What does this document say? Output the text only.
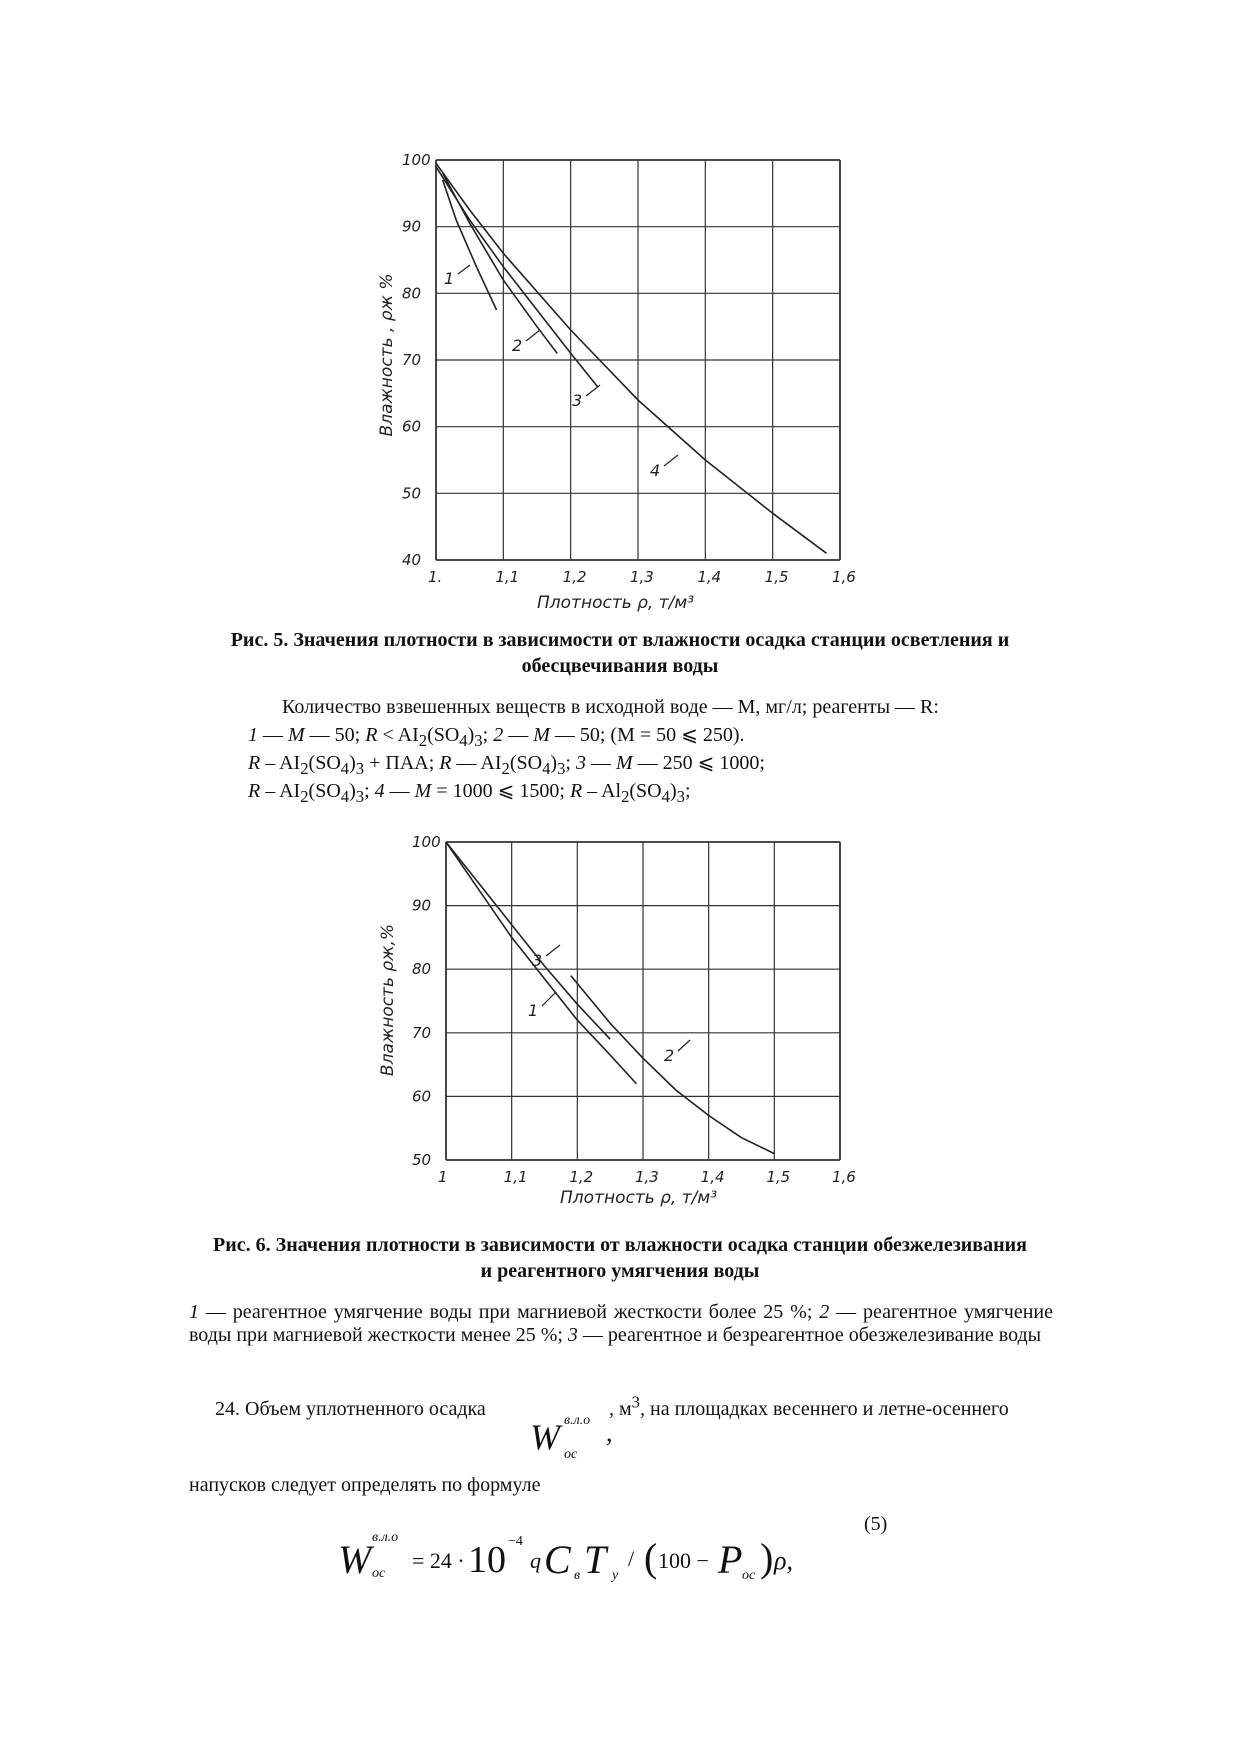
1.	1,1	1,2	1,3	1,4	1,5	1,6
100
90
80
70
60
50
40
Плотность ρ, т/м³
Влажность , ρж %	1
2
3
4
Рис. 5. Значения плотности в зависимости от влажности осадка станции осветления и
обесцвечивания воды
Количество взвешенных веществ в исходной воде — M, мг/л; реагенты — R:
1 — M — 50; $R < AI_2(SO_4)_3$; 2 — M — 50; (M = 50 ⩽ 250).
R – $AI_2(SO_4)_3$ + ПАА; R — $AI_2(SO_4)_3$; 3 — M — 250 ⩽ 1000;
R – $AI_2(SO_4)_3$; 4 — M = 1000 ⩽ 1500; R – $Al_2(SO_4)_3$;
1	1,1	1,2	1,3	1,4	1,5	1,6
100
90
80
70
60
50
Плотность ρ, т/м³
Влажность ρж,%	1
2
3
Рис. 6. Значения плотности в зависимости от влажности осадка станции обезжелезивания
и реагентного умягчения воды
1 — реагентное умягчение воды при магниевой жесткости более 25 %; 2 — реагентное умягчение воды при магниевой жесткости менее 25 %; 3 — реагентное и безреагентное обезжелезивание воды
24. Объем уплотненного осадка
W в.л.о
ос
,
, $м^3$, на площадках весеннего и летне-осеннего
напусков следует определять по формуле
(5)
W в.л.о
ос
= 24 · 10 −4
q C в T у
/ ( 100 − P ос ) ρ,
